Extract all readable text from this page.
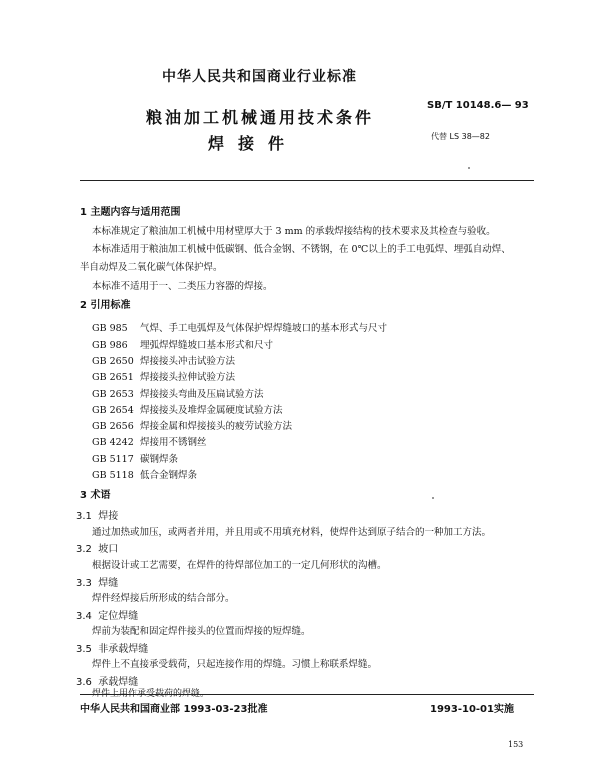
中华人民共和国商业行业标准
粮油加工机械通用技术条件
焊接件
SB/T 10148.6— 93
代替 LS 38—82
1 主题内容与适用范围
本标准规定了粮油加工机械中用材壁厚大于 3 mm 的承载焊接结构的技术要求及其检查与验收。
本标准适用于粮油加工机械中低碳钢、低合金钢、不锈钢，在 0℃以上的手工电弧焊、埋弧自动焊、
半自动焊及二氧化碳气体保护焊。
本标准不适用于一、二类压力容器的焊接。
2 引用标准
GB 985 气焊、手工电弧焊及气体保护焊焊缝坡口的基本形式与尺寸
GB 986 埋弧焊焊缝坡口基本形式和尺寸
GB 2650 焊接接头冲击试验方法
GB 2651 焊接接头拉伸试验方法
GB 2653 焊接接头弯曲及压扁试验方法
GB 2654 焊接接头及堆焊金属硬度试验方法
GB 2656 焊接金属和焊接接头的疲劳试验方法
GB 4242 焊接用不锈钢丝
GB 5117 碳钢焊条
GB 5118 低合金钢焊条
3 术语
3.1 焊接
通过加热或加压，或两者并用，并且用或不用填充材料，使焊件达到原子结合的一种加工方法。
3.2 坡口
根据设计或工艺需要，在焊件的待焊部位加工的一定几何形状的沟槽。
3.3 焊缝
焊件经焊接后所形成的结合部分。
3.4 定位焊缝
焊前为装配和固定焊件接头的位置而焊接的短焊缝。
3.5 非承载焊缝
焊件上不直接承受载荷，只起连接作用的焊缝。习惯上称联系焊缝。
3.6 承载焊缝
焊件上用作承受载荷的焊缝。
中华人民共和国商业部 1993-03-23批准	1993-10-01实施
153
